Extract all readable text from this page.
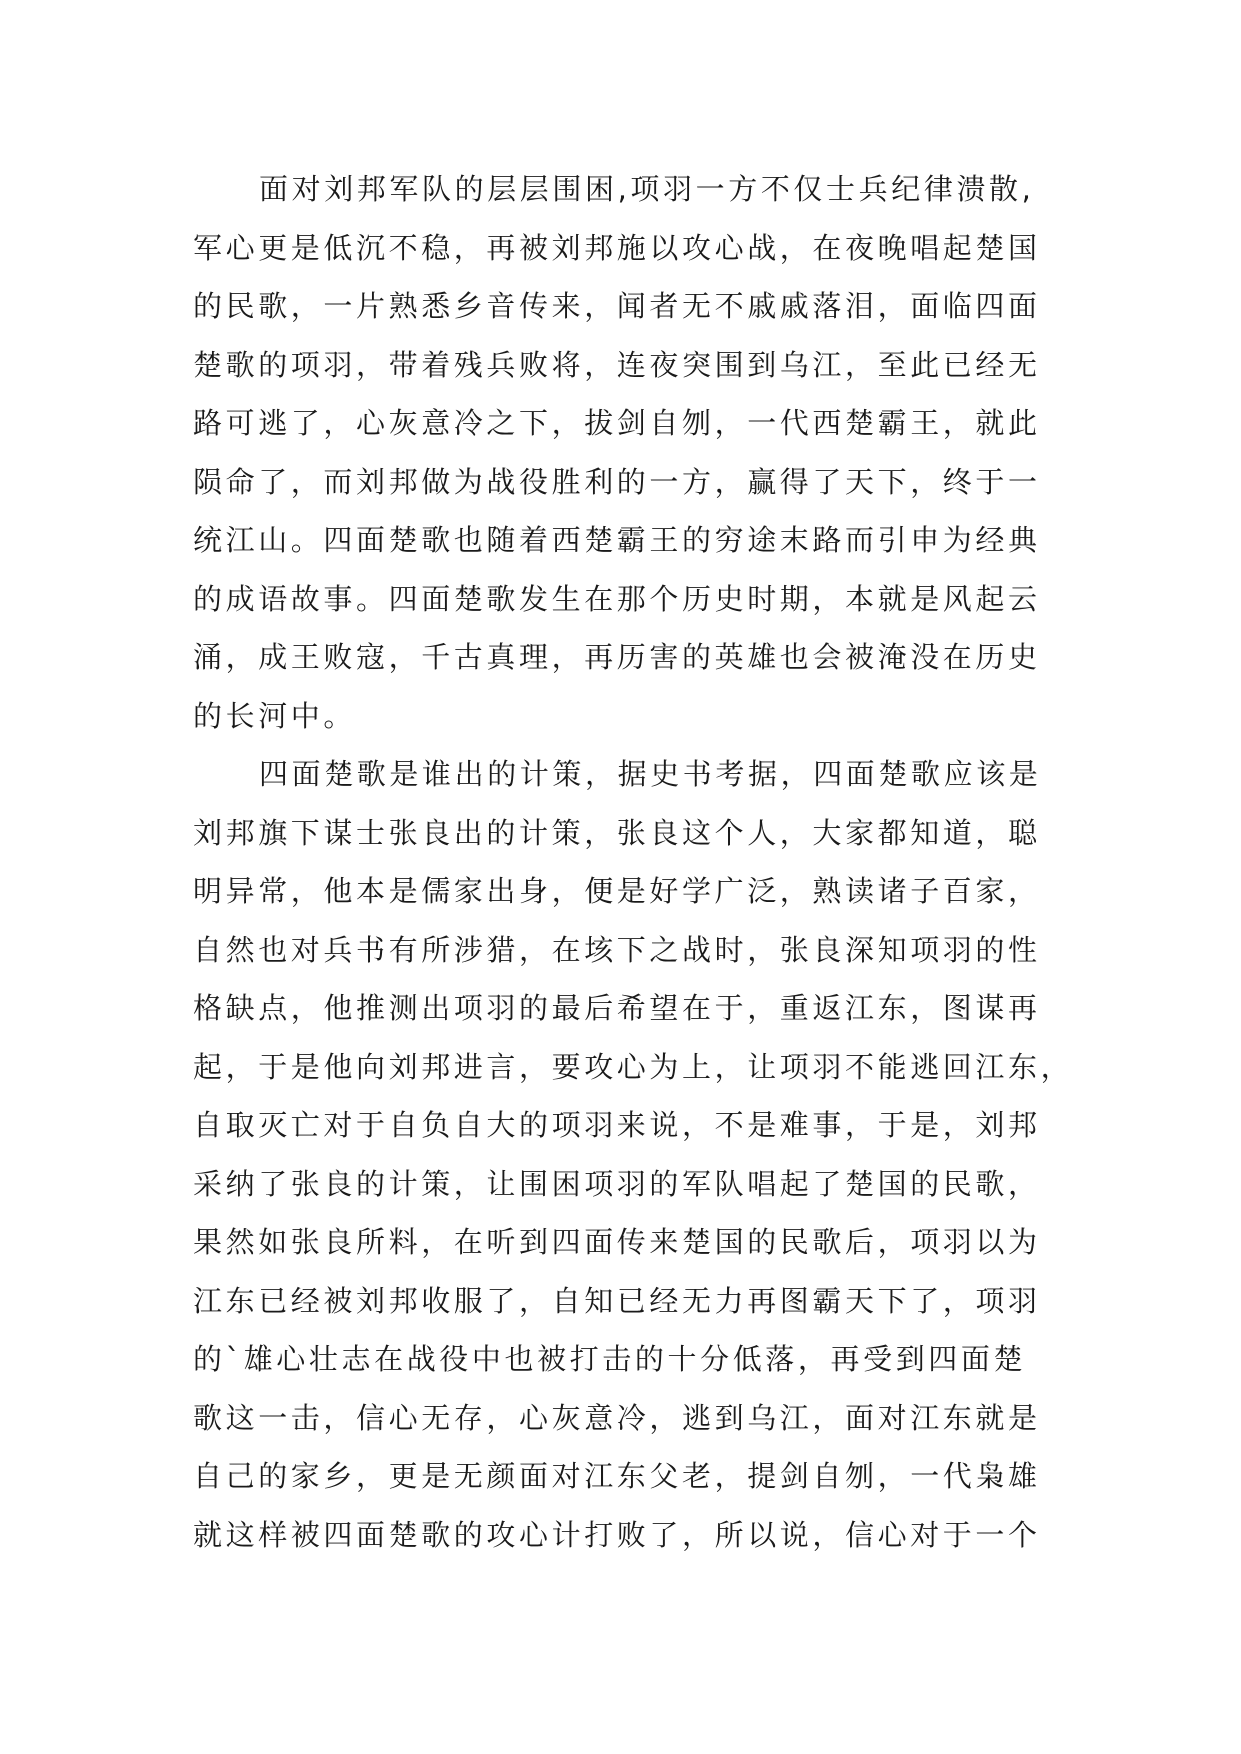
面对刘邦军队的层层围困,项羽一方不仅士兵纪律溃散,
军心更是低沉不稳，再被刘邦施以攻心战，在夜晚唱起楚国
的民歌，一片熟悉乡音传来，闻者无不戚戚落泪，面临四面
楚歌的项羽，带着残兵败将，连夜突围到乌江，至此已经无
路可逃了，心灰意冷之下，拔剑自刎，一代西楚霸王，就此
陨命了，而刘邦做为战役胜利的一方，赢得了天下，终于一
统江山。四面楚歌也随着西楚霸王的穷途末路而引申为经典
的成语故事。四面楚歌发生在那个历史时期，本就是风起云
涌，成王败寇，千古真理，再历害的英雄也会被淹没在历史
的长河中。
四面楚歌是谁出的计策，据史书考据，四面楚歌应该是
刘邦旗下谋士张良出的计策，张良这个人，大家都知道，聪
明异常，他本是儒家出身，便是好学广泛，熟读诸子百家，
自然也对兵书有所涉猎，在垓下之战时，张良深知项羽的性
格缺点，他推测出项羽的最后希望在于，重返江东，图谋再
起，于是他向刘邦进言，要攻心为上，让项羽不能逃回江东，
自取灭亡对于自负自大的项羽来说，不是难事，于是，刘邦
采纳了张良的计策，让围困项羽的军队唱起了楚国的民歌，
果然如张良所料，在听到四面传来楚国的民歌后，项羽以为
江东已经被刘邦收服了，自知已经无力再图霸天下了，项羽
的`雄心壮志在战役中也被打击的十分低落，再受到四面楚
歌这一击，信心无存，心灰意冷，逃到乌江，面对江东就是
自己的家乡，更是无颜面对江东父老，提剑自刎，一代枭雄
就这样被四面楚歌的攻心计打败了，所以说，信心对于一个
